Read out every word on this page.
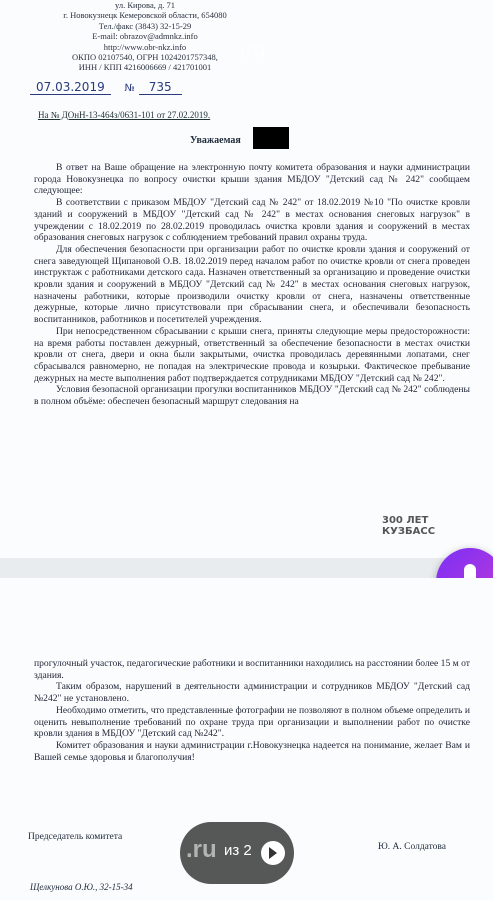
ул. Кирова, д. 71
г. Новокузнецк Кемеровской области, 654080
Тел./факс (3843) 32-15-29
E-mail: obrazov@admnkz.info
http://www.obr-nkz.info
ОКПО 02107540, ОГРН 1024201757348,
ИНН / КПП 4216006669 / 421701001
07.03.2019 № 735
На № ДОнН-13-464з/0631-101 от 27.02.2019.
Уважаемая

В ответ на Ваше обращение на электронную почту комитета образования и науки администрации города Новокузнецка по вопросу очистки крыши здания МБДОУ "Детский сад № 242" сообщаем следующее:

В соответствии с приказом МБДОУ "Детский сад № 242" от 18.02.2019 №10 "По очистке кровли зданий и сооружений в МБДОУ "Детский сад № 242" в местах основания снеговых нагрузок" в учреждении с 18.02.2019 по 28.02.2019 проводилась очистка кровли здания и сооружений в местах образования снеговых нагрузок с соблюдением требований правил охраны труда.

Для обеспечения безопасности при организации работ по очистке кровли здания и сооружений от снега заведующей Щипановой О.В. 18.02.2019 перед началом работ по очистке кровли от снега проведен инструктаж с работниками детского сада. Назначен ответственный за организацию и проведение очистки кровли здания и сооружений в МБДОУ "Детский сад № 242" в местах основания снеговых нагрузок, назначены работники, которые производили очистку кровли от снега, назначены ответственные дежурные, которые лично присутствовали при сбрасывании снега, и обеспечивали безопасность воспитанников, работников и посетителей учреждения.

При непосредственном сбрасывании с крыши снега, приняты следующие меры предосторожности: на время работы поставлен дежурный, ответственный за обеспечение безопасности в местах очистки кровли от снега, двери и окна были закрытыми, очистка проводилась деревянными лопатами, снег сбрасывался равномерно, не попадая на электрические провода и козырьки. Фактическое пребывание дежурных на месте выполнения работ подтверждается сотрудниками МБДОУ "Детский сад № 242".

Условия безопасной организации прогулки воспитанников МБДОУ "Детский сад № 242" соблюдены в полном объёме: обеспечен безопасный маршрут следования на

300 ЛЕТ
КУЗБАСС
.ru

прогулочный участок, педагогические работники и воспитанники находились на расстоянии более 15 м от здания.

Таким образом, нарушений в деятельности администрации и сотрудников МБДОУ "Детский сад №242" не установлено.

Необходимо отметить, что представленные фотографии не позволяют в полном объеме определить и оценить невыполнение требований по охране труда при организации и выполнении работ по очистке кровли здания в МБДОУ "Детский сад №242".

Комитет образования и науки администрации г.Новокузнецка надеется на понимание, желает Вам и Вашей семье здоровья и благополучия!

Председатель комитета
Ю. А. Солдатова
Щелкунова О.Ю., 32-15-34
.ru из 2
